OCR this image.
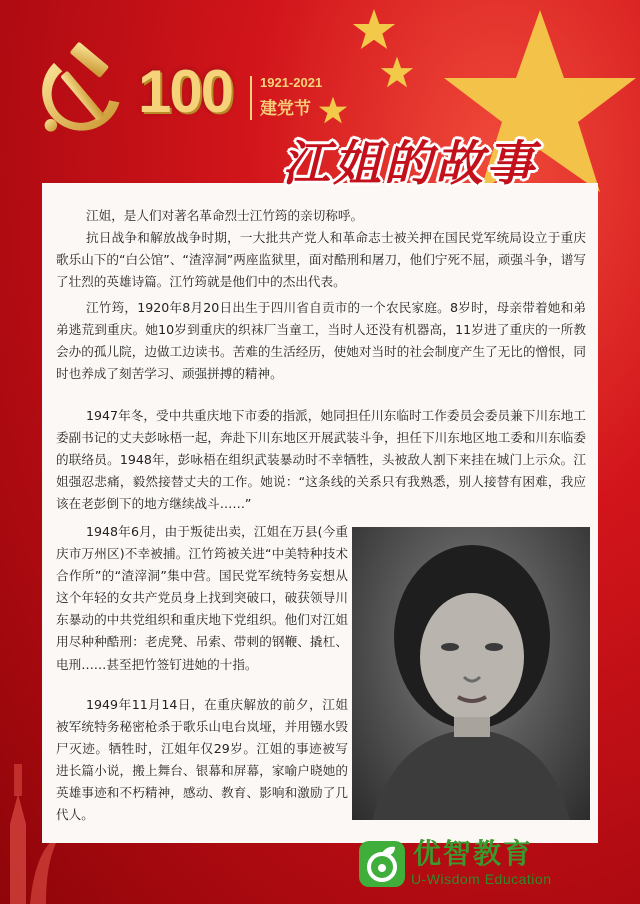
100 1921-2021
建党节
江姐的故事

江姐，是人们对著名革命烈士江竹筠的亲切称呼。

抗日战争和解放战争时期，一大批共产党人和革命志士被关押在国民党军统局设立于重庆歌乐山下的“白公馆”、“渣滓洞”两座监狱里，面对酷刑和屠刀，他们宁死不屈，顽强斗争，谱写了壮烈的英雄诗篇。江竹筠就是他们中的杰出代表。

江竹筠，1920年8月20日出生于四川省自贡市的一个农民家庭。8岁时，母亲带着她和弟弟逃荒到重庆。她10岁到重庆的织袜厂当童工，当时人还没有机器高，11岁进了重庆的一所教会办的孤儿院，边做工边读书。苦难的生活经历，使她对当时的社会制度产生了无比的憎恨，同时也养成了刻苦学习、顽强拼搏的精神。

1947年冬，受中共重庆地下市委的指派，她同担任川东临时工作委员会委员兼下川东地工委副书记的丈夫彭咏梧一起，奔赴下川东地区开展武装斗争，担任下川东地区地工委和川东临委的联络员。1948年，彭咏梧在组织武装暴动时不幸牺牲，头被敌人割下来挂在城门上示众。江姐强忍悲痛，毅然接替丈夫的工作。她说：“这条线的关系只有我熟悉，别人接替有困难，我应该在老彭倒下的地方继续战斗……”

1948年6月，由于叛徒出卖，江姐在万县(今重庆市万州区)不幸被捕。江竹筠被关进“中美特种技术合作所”的“渣滓洞”集中营。国民党军统特务妄想从这个年轻的女共产党员身上找到突破口，破获领导川东暴动的中共党组织和重庆地下党组织。他们对江姐用尽种种酷刑：老虎凳、吊索、带刺的钢鞭、撬杠、电刑……甚至把竹签钉进她的十指。

1949年11月14日，在重庆解放的前夕，江姐被军统特务秘密枪杀于歌乐山电台岚垭，并用镪水毁尸灭迹。牺牲时，江姐年仅29岁。江姐的事迹被写进长篇小说，搬上舞台、银幕和屏幕，家喻户晓她的英雄事迹和不朽精神，感动、教育、影响和激励了几代人。

优智教育
U-Wisdom Education
